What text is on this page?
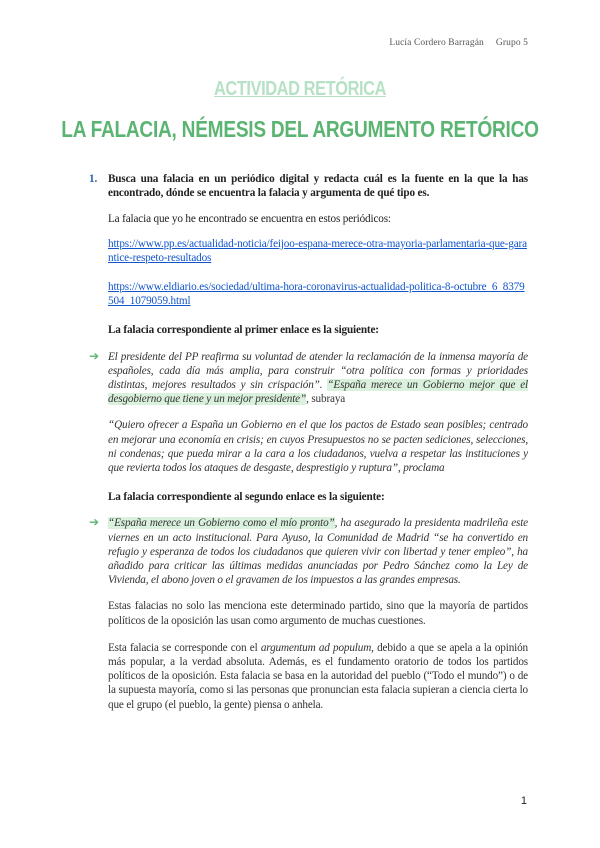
Lucía Cordero Barragán Grupo 5
ACTIVIDAD RETÓRICA
LA FALACIA, NÉMESIS DEL ARGUMENTO RETÓRICO
1. Busca una falacia en un periódico digital y redacta cuál es la fuente en la que la has encontrado, dónde se encuentra la falacia y argumenta de qué tipo es.

La falacia que yo he encontrado se encuentra en estos periódicos:

https://www.pp.es/actualidad-noticia/feijoo-espana-merece-otra-mayoria-parlamentaria-que-garantice-respeto-resultados
https://www.eldiario.es/sociedad/ultima-hora-coronavirus-actualidad-politica-8-octubre_6_8379504_1079059.html

La falacia correspondiente al primer enlace es la siguiente:

➔ El presidente del PP reafirma su voluntad de atender la reclamación de la inmensa mayoría de españoles, cada día más amplia, para construir “otra política con formas y prioridades distintas, mejores resultados y sin crispación”. “España merece un Gobierno mejor que el desgobierno que tiene y un mejor presidente”, subraya

“Quiero ofrecer a España un Gobierno en el que los pactos de Estado sean posibles; centrado en mejorar una economía en crisis; en cuyos Presupuestos no se pacten sediciones, selecciones, ni condenas; que pueda mirar a la cara a los ciudadanos, vuelva a respetar las instituciones y que revierta todos los ataques de desgaste, desprestigio y ruptura”, proclama

La falacia correspondiente al segundo enlace es la siguiente:

➔ “España merece un Gobierno como el mío pronto”, ha asegurado la presidenta madrileña este viernes en un acto institucional. Para Ayuso, la Comunidad de Madrid “se ha convertido en refugio y esperanza de todos los ciudadanos que quieren vivir con libertad y tener empleo”, ha añadido para criticar las últimas medidas anunciadas por Pedro Sánchez como la Ley de Vivienda, el abono joven o el gravamen de los impuestos a las grandes empresas.

Estas falacias no solo las menciona este determinado partido, sino que la mayoría de partidos políticos de la oposición las usan como argumento de muchas cuestiones.

Esta falacia se corresponde con el argumentum ad populum, debido a que se apela a la opinión más popular, a la verdad absoluta. Además, es el fundamento oratorio de todos los partidos políticos de la oposición. Esta falacia se basa en la autoridad del pueblo (“Todo el mundo”) o de la supuesta mayoría, como si las personas que pronuncian esta falacia supieran a ciencia cierta lo que el grupo (el pueblo, la gente) piensa o anhela.

1
